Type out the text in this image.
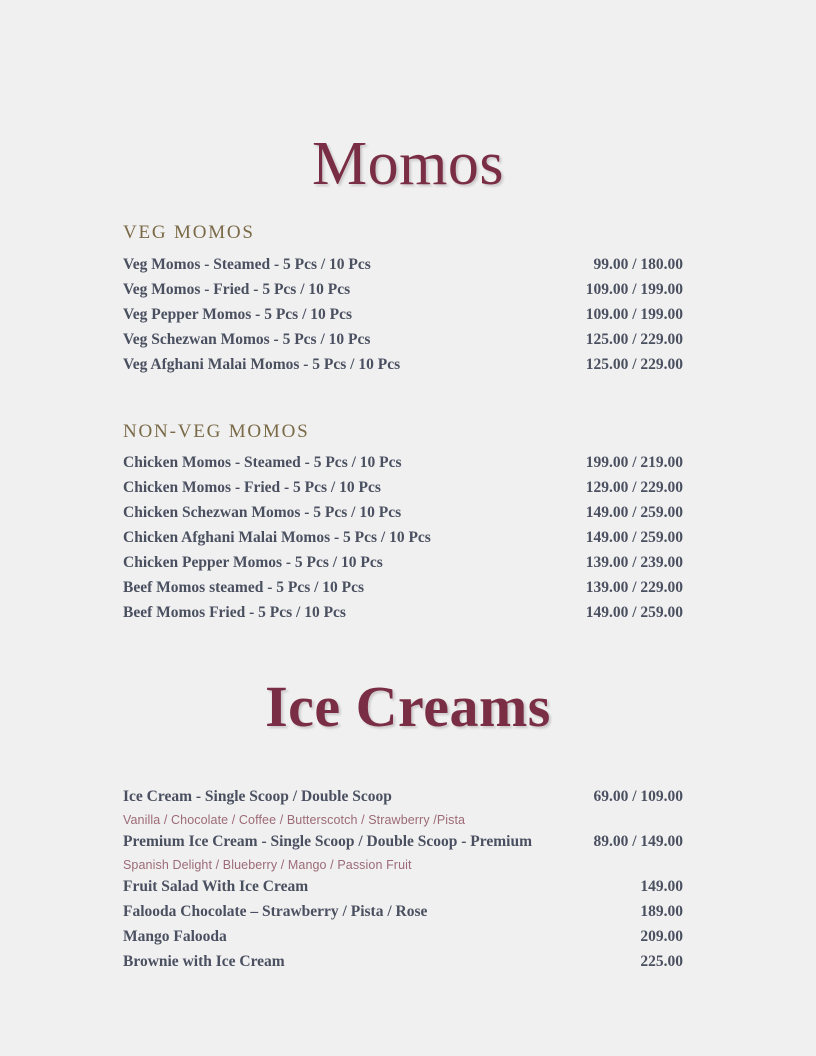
Momos
VEG MOMOS
Veg Momos - Steamed - 5 Pcs / 10 Pcs	99.00 / 180.00
Veg Momos - Fried - 5 Pcs / 10 Pcs	109.00 / 199.00
Veg Pepper Momos - 5 Pcs / 10 Pcs	109.00 / 199.00
Veg Schezwan Momos - 5 Pcs / 10 Pcs	125.00 / 229.00
Veg Afghani Malai Momos - 5 Pcs / 10 Pcs	125.00 / 229.00
NON-VEG MOMOS
Chicken Momos - Steamed - 5 Pcs / 10 Pcs	199.00 / 219.00
Chicken Momos - Fried - 5 Pcs / 10 Pcs	129.00 / 229.00
Chicken Schezwan Momos - 5 Pcs / 10 Pcs	149.00 / 259.00
Chicken Afghani Malai Momos - 5 Pcs / 10 Pcs	149.00 / 259.00
Chicken Pepper Momos - 5 Pcs / 10 Pcs	139.00 / 239.00
Beef Momos steamed - 5 Pcs / 10 Pcs	139.00 / 229.00
Beef Momos Fried - 5 Pcs / 10 Pcs	149.00 / 259.00
Ice Creams
Ice Cream - Single Scoop / Double Scoop	69.00 / 109.00
Vanilla / Chocolate / Coffee / Butterscotch / Strawberry /Pista
Premium Ice Cream - Single Scoop / Double Scoop - Premium	89.00 / 149.00
Spanish Delight / Blueberry / Mango / Passion Fruit
Fruit Salad With Ice Cream	149.00
Falooda Chocolate – Strawberry / Pista / Rose	189.00
Mango Falooda	209.00
Brownie with Ice Cream	225.00
